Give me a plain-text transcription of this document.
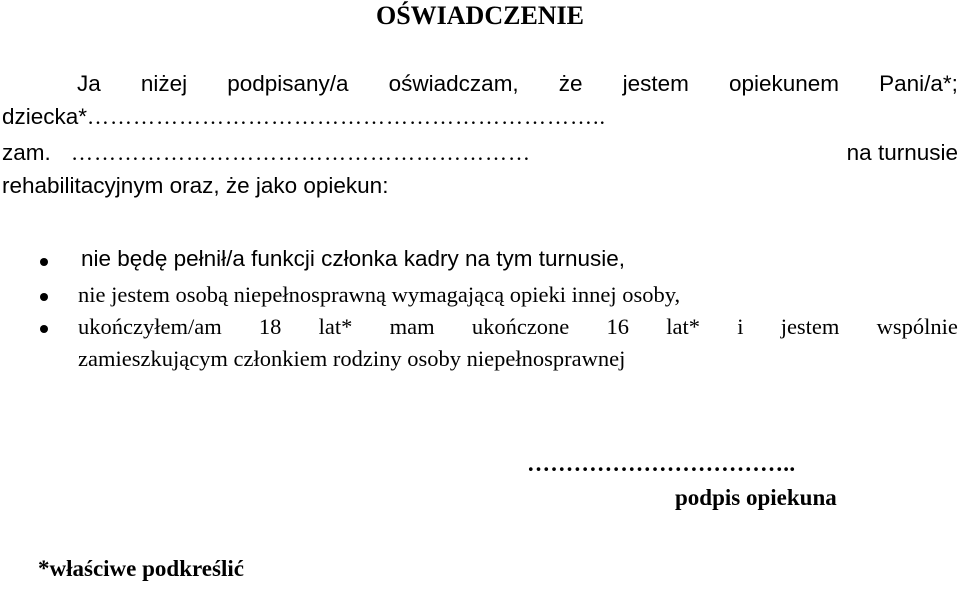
OŚWIADCZENIE
Ja niżej podpisany/a oświadczam, że jestem opiekunem Pani/a*;
dziecka*…………………………………………………………..
zam. ……………………………………………………	na turnusie
rehabilitacyjnym oraz, że jako opiekun:
nie będę pełnił/a funkcji członka kadry na tym turnusie,
nie jestem osobą niepełnosprawną wymagającą opieki innej osoby,
ukończyłem/am 18 lat* mam ukończone 16 lat* i jestem wspólnie
zamieszkującym członkiem rodziny osoby niepełnosprawnej
……………………………..
podpis opiekuna
*właściwe podkreślić
